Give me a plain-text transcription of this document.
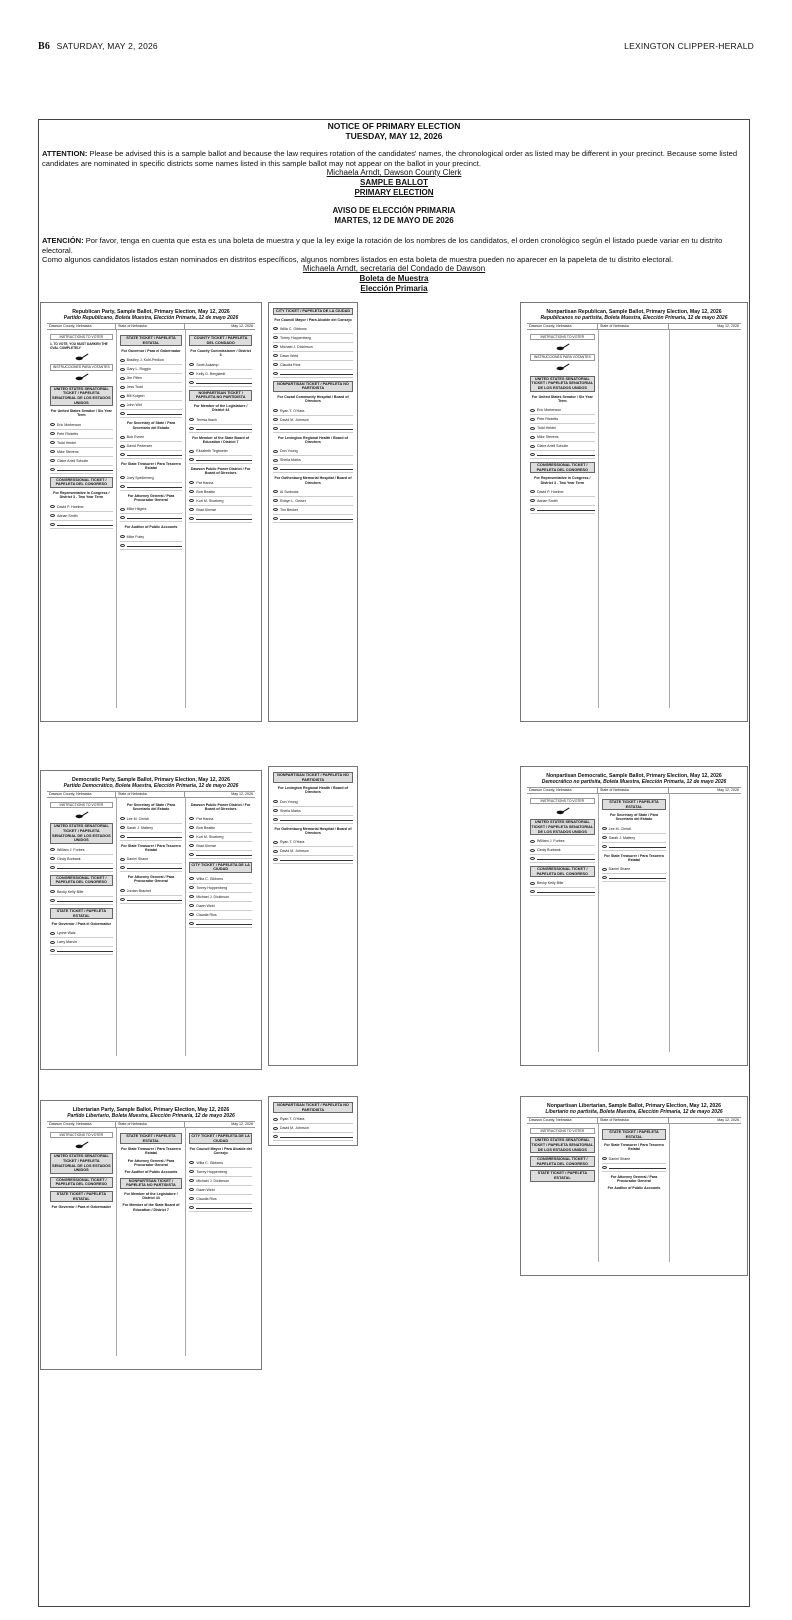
B6 SATURDAY, MAY 2, 2026	LEXINGTON CLIPPER-HERALD
NOTICE OF PRIMARY ELECTION
TUESDAY, MAY 12, 2026
ATTENTION: Please be advised this is a sample ballot and because the law requires rotation of the candidates' names, the chronological order as listed may be different in your precinct. Because some listed candidates are nominated in specific districts some names listed in this sample ballot may not appear on the ballot in your precinct.
Michaela Arndt, Dawson County Clerk
SAMPLE BALLOT
PRIMARY ELECTION
AVISO DE ELECCIÓN PRIMARIA
MARTES, 12 DE MAYO DE 2026
ATENCIÓN: Por favor, tenga en cuenta que esta es una boleta de muestra y que la ley exige la rotación de los nombres de los candidatos, el orden cronológico según el listado puede variar en tu distrito electoral.
Como algunos candidatos listados estan nominados en distritos específicos, algunos nombres listados en esta boleta de muestra pueden no aparecer en la papeleta de tu distrito electoral.
Michaela Arndt, secretaria del Condado de Dawson
Boleta de Muestra
Elección Primaria
Republican Party, Sample Ballot, Primary Election, May 12, 2026
Partido Republicano, Boleta Muestra, Elección Primaria, 12 de mayo 2026
Dawson County, Nebraska	State of Nebraska	May 12, 2026
INSTRUCTIONS TO VOTER
1. TO VOTE, YOU MUST DARKEN THE OVAL COMPLETELY
INSTRUCCIONES PARA VOTANTES
UNITED STATES SENATORIAL TICKET / PAPELETA SENATORIAL DE LOS ESTADOS UNIDOS
For United States Senator / Six Year Term
Eric Mortenson
Pete Ricketts
Todd Heidel
Mike Stevens
Claire Ariell Schulte
CONGRESSIONAL TICKET / PAPELETA DEL CONGRESO
For Representative in Congress / District 3 - Two Year Term
David P. Hoelme
Adrian Smith
STATE TICKET / PAPELETA ESTATAL
For Governor / Para el Gobernador
Bradley J. Kuhl-Pedlow
Gary L. Ruggio
Jim Pillen
Jess Todd
Bill Kolgein
John Wirt
For Secretary of State / Para Secretario del Estado
Bob Evnen
David Pedersen
For State Treasurer / Para Tesorero Estatal
Joey Spellerberg
For Attorney General / Para Procurador General
Mike Hilgers
For Auditor of Public Accounts
Mike Foley
COUNTY TICKET / PAPELETA DEL CONDADO
For County Commissioner / District 3
Scott Aukamp
Kelly G. Bergstedt
NONPARTISAN TICKET / PAPELETA NO PARTIDISTA
For Member of the Legislature / District 44
Teresa Ibach
For Member of the State Board of Education / District 7
Elizabeth Tegtmeier
Dawson Public Power District / For Board of Directors
Pat Hanna
Burt Beattie
Kurt M. Stoeberg
Brad Kirmse
CITY TICKET / PAPELETA DE LA CIUDAD
For Council Mayor / Para Alcalde del Consejo
Willa C. Gibbons
Torrey Hoppenberg
Michael J. Dickinson
Dawn Weld
Claudia Rios
NONPARTISAN TICKET / PAPELETA NO PARTIDISTA
For Cozad Community Hospital / Board of Directors
Ryan T. O'Hara
David M. Johnson
For Lexington Regional Health / Board of Directors
Don Young
Sheila Marks
For Gothenburg Memorial Hospital / Board of Directors
Al Svoboda
Robyn L. Geiser
Tim Becker
Nonpartisan Republican, Sample Ballot, Primary Election, May 12, 2026
Republicanos no partisita, Boleta Muestra, Elección Primaria, 12 de mayo 2026
Dawson County, Nebraska	State of Nebraska	May 12, 2026
INSTRUCTIONS TO VOTER
INSTRUCCIONES PARA VOTANTES
UNITED STATES SENATORIAL TICKET / PAPELETA SENATORIAL DE LOS ESTADOS UNIDOS
For United States Senator / Six Year Term
Eric Mortenson
Pete Ricketts
Todd Heidel
Mike Stevens
Claire Ariell Schulte
CONGRESSIONAL TICKET / PAPELETA DEL CONGRESO
For Representative in Congress / District 3 - Two Year Term
David P. Hoelme
Adrian Smith
Democratic Party, Sample Ballot, Primary Election, May 12, 2026
Partido Democrático, Boleta Muestra, Elección Primaria, 12 de mayo 2026
Dawson County, Nebraska	State of Nebraska	May 12, 2026
INSTRUCTIONS TO VOTER
UNITED STATES SENATORIAL TICKET / PAPELETA SENATORIAL DE LOS ESTADOS UNIDOS
William J. Forbes
Cindy Burbank
CONGRESSIONAL TICKET / PAPELETA DEL CONGRESO
Becky Kelly Bille
STATE TICKET / PAPELETA ESTATAL
For Governor / Para el Gobernador
Lynne Walz
Larry Marvin
For Secretary of State / Para Secretario del Estado
Lee M. Christi
Sarah J. Mattery
For State Treasurer / Para Tesorero Estatal
Daniel Shane
For Attorney General / Para Procurador General
Jordan Brachet
Dawson Public Power District / For Board of Directors
Pat Hanna
Burt Beattie
Kurt M. Stoeberg
Brad Kirmse
CITY TICKET / PAPELETA DE LA CIUDAD
Willa C. Gibbons
Torrey Hoppenberg
Michael J. Dickinson
Dawn Weld
Claudia Rios
NONPARTISAN TICKET / PAPELETA NO PARTIDISTA
For Lexington Regional Health / Board of Directors
Don Young
Sheila Marks
For Gothenburg Memorial Hospital / Board of Directors
Ryan T. O'Hara
David M. Johnson
Nonpartisan Democratic, Sample Ballot, Primary Election, May 12, 2026
Democrático no partisita, Boleta Muestra, Elección Primaria, 12 de mayo 2026
Dawson County, Nebraska	State of Nebraska	May 12, 2026
INSTRUCTIONS TO VOTER
UNITED STATES SENATORIAL TICKET / PAPELETA SENATORIAL DE LOS ESTADOS UNIDOS
William J. Forbes
Cindy Burbank
CONGRESSIONAL TICKET / PAPELETA DEL CONGRESO
Becky Kelly Bille
STATE TICKET / PAPELETA ESTATAL
For Secretary of State / Para Secretario del Estado
Lee M. Christi
Sarah J. Mattery
For State Treasurer / Para Tesorero Estatal
Daniel Shane
Libertarian Party, Sample Ballot, Primary Election, May 12, 2026
Partido Libertario, Boleta Muestra, Elección Primaria, 12 de mayo 2026
Dawson County, Nebraska	State of Nebraska	May 12, 2026
INSTRUCTIONS TO VOTER
UNITED STATES SENATORIAL TICKET / PAPELETA SENATORIAL DE LOS ESTADOS UNIDOS
CONGRESSIONAL TICKET / PAPELETA DEL CONGRESO
STATE TICKET / PAPELETA ESTATAL
For Governor / Para el Gobernador
STATE TICKET / PAPELETA ESTATAL
For State Treasurer / Para Tesorero Estatal
For Attorney General / Para Procurador General
For Auditor of Public Accounts
NONPARTISAN TICKET / PAPELETA NO PARTIDISTA
For Member of the Legislature / District 44
For Member of the State Board of Education / District 7
CITY TICKET / PAPELETA DE LA CIUDAD
For Council Mayor / Para Alcalde del Consejo
Willa C. Gibbons
Torrey Hoppenberg
Michael J. Dickinson
Dawn Weld
Claudia Rios
NONPARTISAN TICKET / PAPELETA NO PARTIDISTA
Ryan T. O'Hara
David M. Johnson
Nonpartisan Libertarian, Sample Ballot, Primary Election, May 12, 2026
Libertario no partisita, Boleta Muestra, Elección Primaria, 12 de mayo 2026
Dawson County, Nebraska	State of Nebraska	May 12, 2026
INSTRUCTIONS TO VOTER
UNITED STATES SENATORIAL TICKET / PAPELETA SENATORIAL DE LOS ESTADOS UNIDOS
CONGRESSIONAL TICKET / PAPELETA DEL CONGRESO
STATE TICKET / PAPELETA ESTATAL
STATE TICKET / PAPELETA ESTATAL
For State Treasurer / Para Tesorero Estatal
Daniel Shane
For Attorney General / Para Procurador General
For Auditor of Public Accounts
